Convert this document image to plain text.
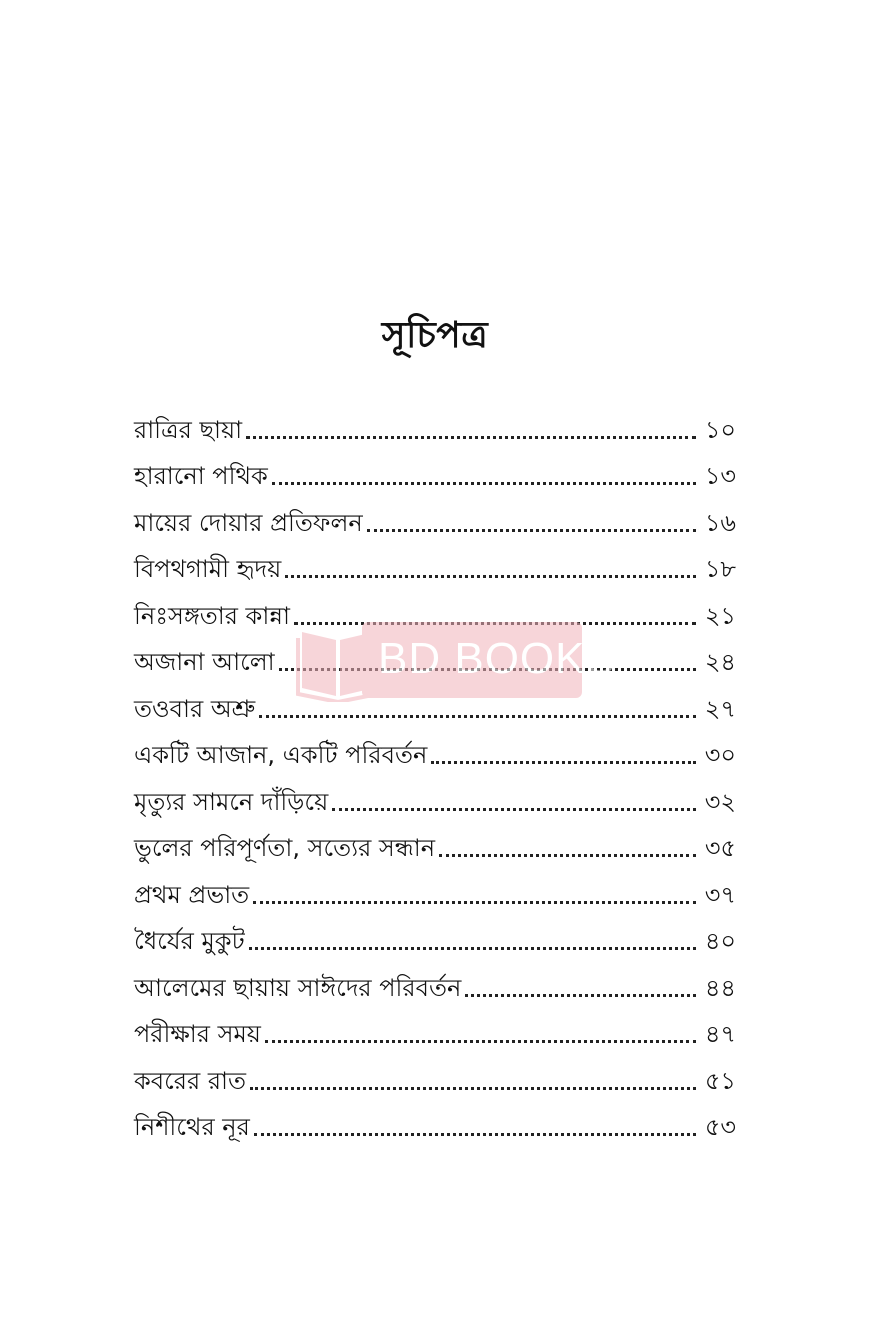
সূচিপত্র
রাত্রির ছায়া	১০
হারানো পথিক	১৩
মায়ের দোয়ার প্রতিফলন	১৬
বিপথগামী হৃদয়	১৮
নিঃসঙ্গতার কান্না	২১
অজানা আলো	২৪
তওবার অশ্রু	২৭
একটি আজান, একটি পরিবর্তন	৩০
মৃত্যুর সামনে দাঁড়িয়ে	৩২
ভুলের পরিপূর্ণতা, সত্যের সন্ধান	৩৫
প্রথম প্রভাত	৩৭
ধৈর্যের মুকুট	৪০
আলেমের ছায়ায় সাঈদের পরিবর্তন	৪৪
পরীক্ষার সময়	৪৭
কবরের রাত	৫১
নিশীথের নূর	৫৩
BD BOOKS
